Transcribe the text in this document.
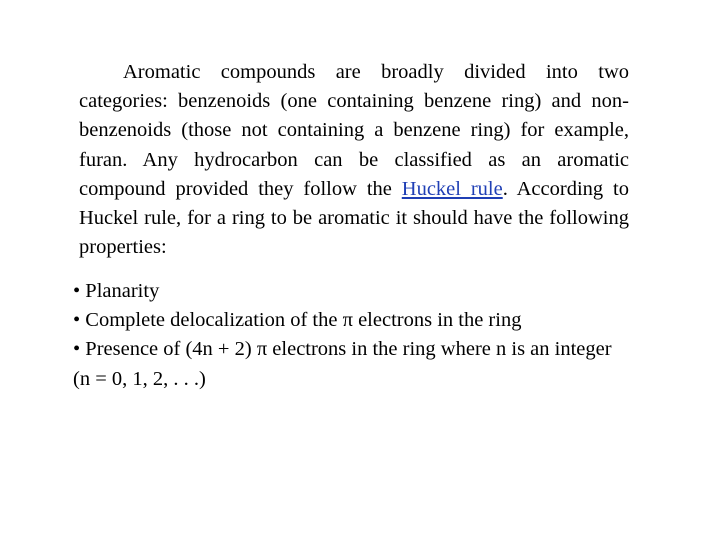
Aromatic compounds are broadly divided into two categories: benzenoids (one containing benzene ring) and non-benzenoids (those not containing a benzene ring) for example, furan. Any hydrocarbon can be classified as an aromatic compound provided they follow the Huckel rule. According to Huckel rule, for a ring to be aromatic it should have the following properties:

• Planarity
• Complete delocalization of the π electrons in the ring
• Presence of (4n + 2) π electrons in the ring where n is an integer (n = 0, 1, 2, . . .)
